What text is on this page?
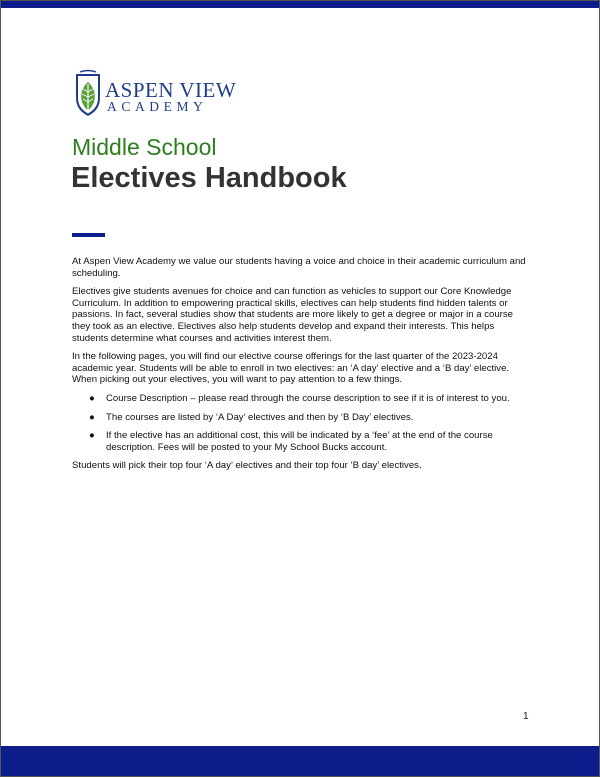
ASPEN VIEW
ACADEMY
Middle School
Electives Handbook

At Aspen View Academy we value our students having a voice and choice in their academic curriculum and scheduling.

Electives give students avenues for choice and can function as vehicles to support our Core Knowledge Curriculum. In addition to empowering practical skills, electives can help students find hidden talents or passions. In fact, several studies show that students are more likely to get a degree or major in a course they took as an elective. Electives also help students develop and expand their interests. This helps students determine what courses and activities interest them.

In the following pages, you will find our elective course offerings for the last quarter of the 2023-2024 academic year. Students will be able to enroll in two electives: an ‘A day’ elective and a ‘B day’ elective. When picking out your electives, you will want to pay attention to a few things.

● Course Description – please read through the course description to see if it is of interest to you.
● The courses are listed by ‘A Day’ electives and then by ‘B Day’ electives.
● If the elective has an additional cost, this will be indicated by a ‘fee’ at the end of the course description. Fees will be posted to your My School Bucks account.

Students will pick their top four ‘A day’ electives and their top four ‘B day’ electives.

1
